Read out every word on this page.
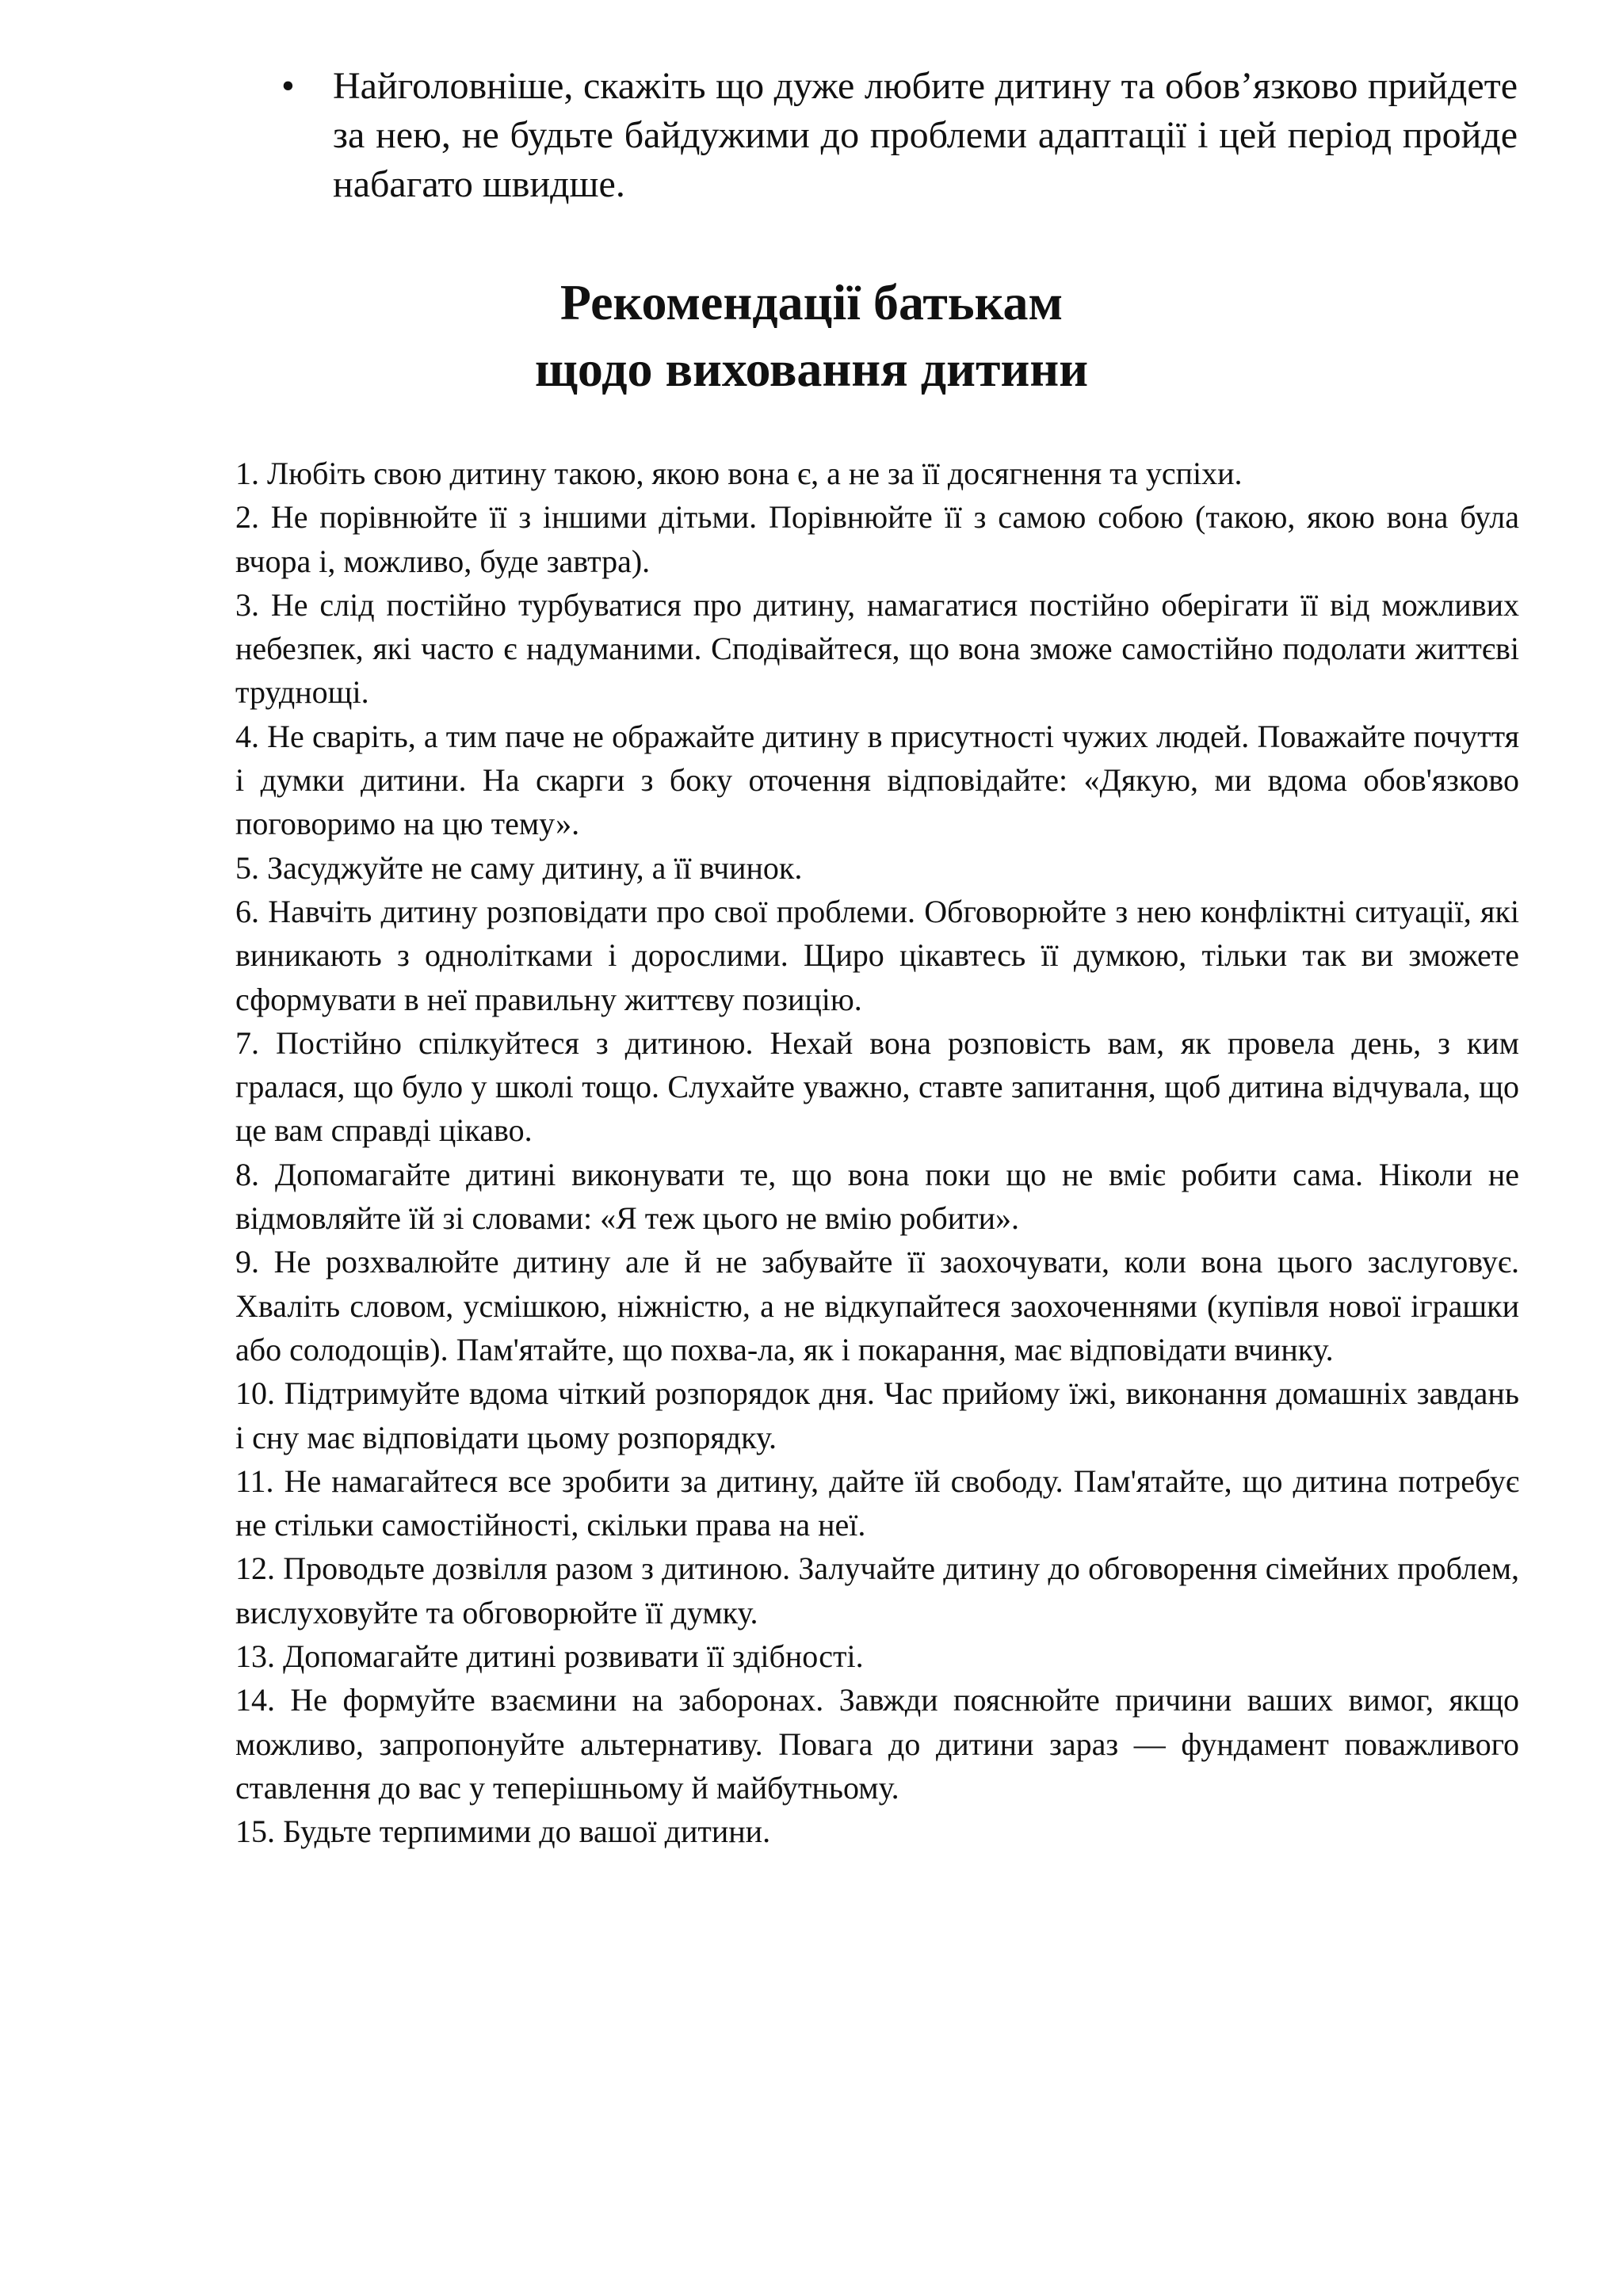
• Найголовніше, скажіть що дуже любите дитину та обов’язково прийдете за нею, не будьте байдужими до проблеми адаптації і цей період пройде набагато швидше.
Рекомендації батькам
щодо виховання дитини
1. Любіть свою дитину такою, якою вона є, а не за її досягнення та успіхи.
2. Не порівнюйте її з іншими дітьми. Порівнюйте її з самою собою (такою, якою вона була вчора і, можливо, буде завтра).
3. Не слід постійно турбуватися про дитину, намагатися постійно оберігати її від можливих небезпек, які часто є надуманими. Сподівайтеся, що вона зможе самостійно подолати життєві труднощі.
4. Не сваріть, а тим паче не ображайте дитину в присутності чужих людей. Поважайте почуття і думки дитини. На скарги з боку оточення відповідайте: «Дякую, ми вдома обов'язково поговоримо на цю тему».
5. Засуджуйте не саму дитину, а її вчинок.
6. Навчіть дитину розповідати про свої проблеми. Обговорюйте з нею конфліктні ситуації, які виникають з однолітками і дорослими. Щиро цікавтесь її думкою, тільки так ви зможете сформувати в неї правильну життєву позицію.
7. Постійно спілкуйтеся з дитиною. Нехай вона розповість вам, як провела день, з ким гралася, що було у школі тощо. Слухайте уважно, ставте запитання, щоб дитина відчувала, що це вам справді цікаво.
8. Допомагайте дитині виконувати те, що вона поки що не вміє робити сама. Ніколи не відмовляйте їй зі словами: «Я теж цього не вмію робити».
9. Не розхвалюйте дитину але й не забувайте її заохочувати, коли вона цього заслуговує. Хваліть словом, усмішкою, ніжністю, а не відкупайтеся заохоченнями (купівля нової іграшки або солодощів). Пам'ятайте, що похва-ла, як і покарання, має відповідати вчинку.
10. Підтримуйте вдома чіткий розпорядок дня. Час прийому їжі, виконання домашніх завдань і сну має відповідати цьому розпорядку.
11. Не намагайтеся все зробити за дитину, дайте їй свободу. Пам'ятайте, що дитина потребує не стільки самостійності, скільки права на неї.
12. Проводьте дозвілля разом з дитиною. Залучайте дитину до обговорення сімейних проблем, вислуховуйте та обговорюйте її думку.
13. Допомагайте дитині розвивати її здібності.
14. Не формуйте взаємини на заборонах. Завжди пояснюйте причини ваших вимог, якщо можливо, запропонуйте альтернативу. Повага до дитини зараз — фундамент поважливого ставлення до вас у теперішньому й майбутньому.
15. Будьте терпимими до вашої дитини.
